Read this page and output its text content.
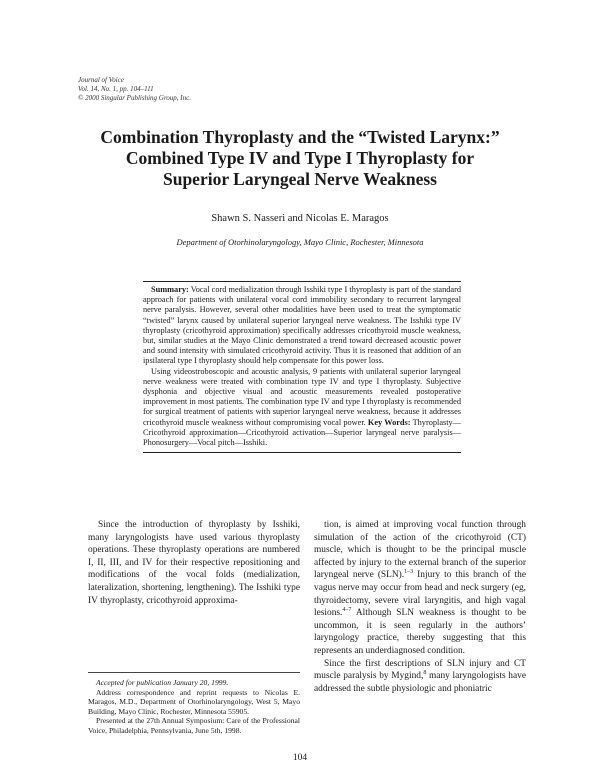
Journal of Voice
Vol. 14, No. 1, pp. 104–111
© 2000 Singular Publishing Group, Inc.
Combination Thyroplasty and the “Twisted Larynx:”
Combined Type IV and Type I Thyroplasty for
Superior Laryngeal Nerve Weakness
Shawn S. Nasseri and Nicolas E. Maragos
Department of Otorhinolaryngology, Mayo Clinic, Rochester, Minnesota

Summary: Vocal cord medialization through Isshiki type I thyroplasty is part of the standard approach for patients with unilateral vocal cord immobility secondary to recurrent laryngeal nerve paralysis. However, several other modalities have been used to treat the symptomatic “twisted” larynx caused by unilateral superior laryngeal nerve weakness. The Isshiki type IV thyroplasty (cricothyroid approximation) specifically addresses cricothyroid muscle weakness, but, similar studies at the Mayo Clinic demonstrated a trend toward decreased acoustic power and sound intensity with simulated cricothyroid activity. Thus it is reasoned that addition of an ipsilateral type I thyroplasty should help compensate for this power loss.

Using videostroboscopic and acoustic analysis, 9 patients with unilateral superior laryngeal nerve weakness were treated with combination type IV and type I thyroplasty. Subjective dysphonia and objective visual and acoustic measurements revealed postoperative improvement in most patients. The combination type IV and type I thyroplasty is recommended for surgical treatment of patients with superior laryngeal nerve weakness, because it addresses cricothyroid muscle weakness without compromising vocal power. Key Words: Thyroplasty—Cricothyroid approximation—Cricothyroid activation—Superior laryngeal nerve paralysis—Phonosurgery—Vocal pitch—Isshiki.

Since the introduction of thyroplasty by Isshiki, many laryngologists have used various thyroplasty operations. These thyroplasty operations are numbered I, II, III, and IV for their respective repositioning and modifications of the vocal folds (medialization, lateralization, shortening, lengthening). The Isshiki type IV thyroplasty, cricothyroid approxima-

tion, is aimed at improving vocal function through simulation of the action of the cricothyroid (CT) muscle, which is thought to be the principal muscle affected by injury to the external branch of the superior laryngeal nerve (SLN).$^{1-3}$ Injury to this branch of the vagus nerve may occur from head and neck surgery (eg, thyroidectomy, severe viral laryngitis, and high vagal lesions.$^{4-7}$ Although SLN weakness is thought to be uncommon, it is seen regularly in the authors’ laryngology practice, thereby suggesting that this represents an underdiagnosed condition.

Since the first descriptions of SLN injury and CT muscle paralysis by Mygind,$^8$ many laryngologists have addressed the subtle physiologic and phoniatric

Accepted for publication January 20, 1999.

Address correspondence and reprint requests to Nicolas E. Maragos, M.D., Department of Otorhinolaryngology, West 5, Mayo Building, Mayo Clinic, Rochester, Minnesota 55905.

Presented at the 27th Annual Symposium: Care of the Professional Voice, Philadelphia, Pennsylvania, June 5th, 1998.

104
